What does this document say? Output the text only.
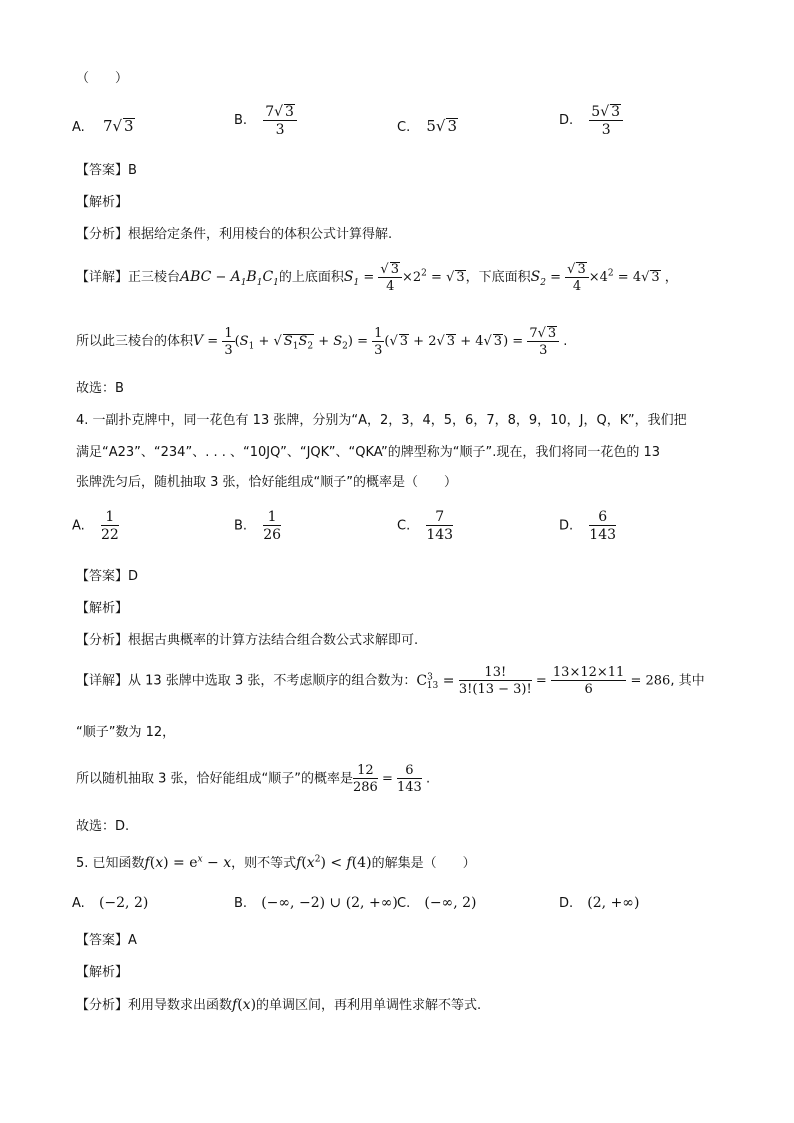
（　　）
A. 7√ 3	B. $\frac{7√ 3}{3}$	C. 5√ 3	D. $\frac{5√ 3}{3}$
【答案】B
【解析】
【分析】根据给定条件，利用棱台的体积公式计算得解.
【详解】正三棱台ABC − $A_1B_1C_1$的上底面积$S_1 = \frac{√ 3}{4} \times 2^2$ = √ 3，下底面积$S_2 = \frac{√ 3}{4} \times 4^2 = 4√$ 3 ，
所以此三棱台的体积$V = \frac{1}{3} (S_1$ + √ $S_1S_2 + S_2) = \frac{1}{3}$ (√ 3 + 2√ 3 + 4√ $3) = \frac{7√ 3}{3}$ .
故选：B
4. 一副扑克牌中，同一花色有 13 张牌，分别为“A，2，3，4，5，6，7，8，9，10，J，Q，K”，我们把
满足“A23”、“234”、. . . 、“10JQ”、“JQK”、“QKA”的牌型称为“顺子”.现在，我们将同一花色的 13
张牌洗匀后，随机抽取 3 张，恰好能组成“顺子”的概率是（　　）
A. $\frac{1}{22}$	B. $\frac{1}{26}$	C. $\frac{7}{143}$	D. $\frac{6}{143}$
【答案】D
【解析】
【分析】根据古典概率的计算方法结合组合数公式求解即可.
【详解】从 13 张牌中选取 3 张，不考虑顺序的组合数为：$C^3_{13} = \frac{13!}{3!(13 - 3)!} = \frac{13\times 12\times 11}{6} = 286$, 其中
“顺子”数为 12，
所以随机抽取 3 张，恰好能组成“顺子”的概率是 $\frac{12}{286} = \frac{6}{143}$ .
故选：D.
5. 已知函数$f(x) = e^x - x$，则不等式$f(x^2) < f(4)$的解集是（　　）
A. (−2, 2)	B. (−∞, −2) ∪ (2, +∞) C. (−∞, 2)	D. (2, +∞)
【答案】A
【解析】
【分析】利用导数求出函数f(x)的单调区间，再利用单调性求解不等式.
